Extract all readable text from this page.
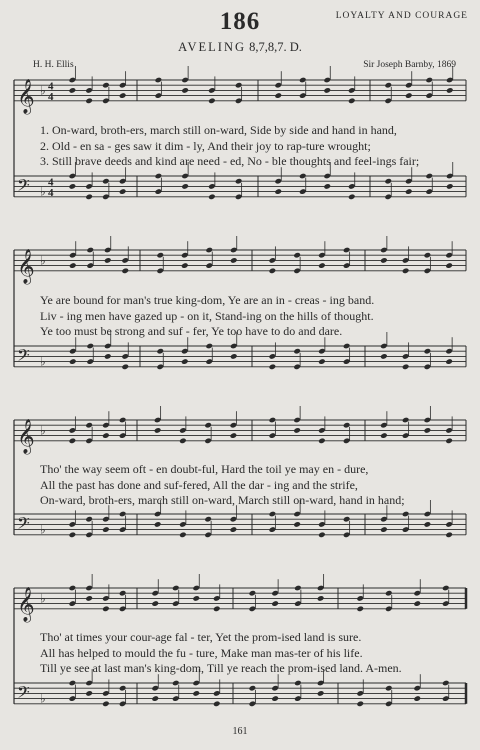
186	LOYALTY AND COURAGE
AVELING 8,7,8,7. D.
H. H. Ellis	Sir Joseph Barnby, 1869
𝄞 ♭
𝄢 ♭
𝄞 ♭
𝄢 ♭
𝄞 ♭
𝄢 ♭
𝄞 ♭
𝄢 ♭
4
4
4
4
1. On-ward, broth-ers, march still on-ward, Side by side and hand in hand,
2. Old - en sa - ges saw it dim - ly, And their joy to rap-ture wrought;
3. Still brave deeds and kind are need - ed, No - ble thoughts and feel-ings fair;
Ye are bound for man's true king-dom, Ye are an in - creas - ing band.
Liv - ing men have gazed up - on it, Stand-ing on the hills of thought.
Ye too must be strong and suf - fer, Ye too have to do and dare.
Tho' the way seem oft - en doubt-ful, Hard the toil ye may en - dure,
All the past has done and suf-fered, All the dar - ing and the strife,
On-ward, broth-ers, march still on-ward, March still on-ward, hand in hand;
Tho' at times your cour-age fal - ter, Yet the prom-ised land is sure.
All has helped to mould the fu - ture, Make man mas-ter of his life.
Till ye see at last man's king-dom, Till ye reach the prom-ised land. A-men.
161
